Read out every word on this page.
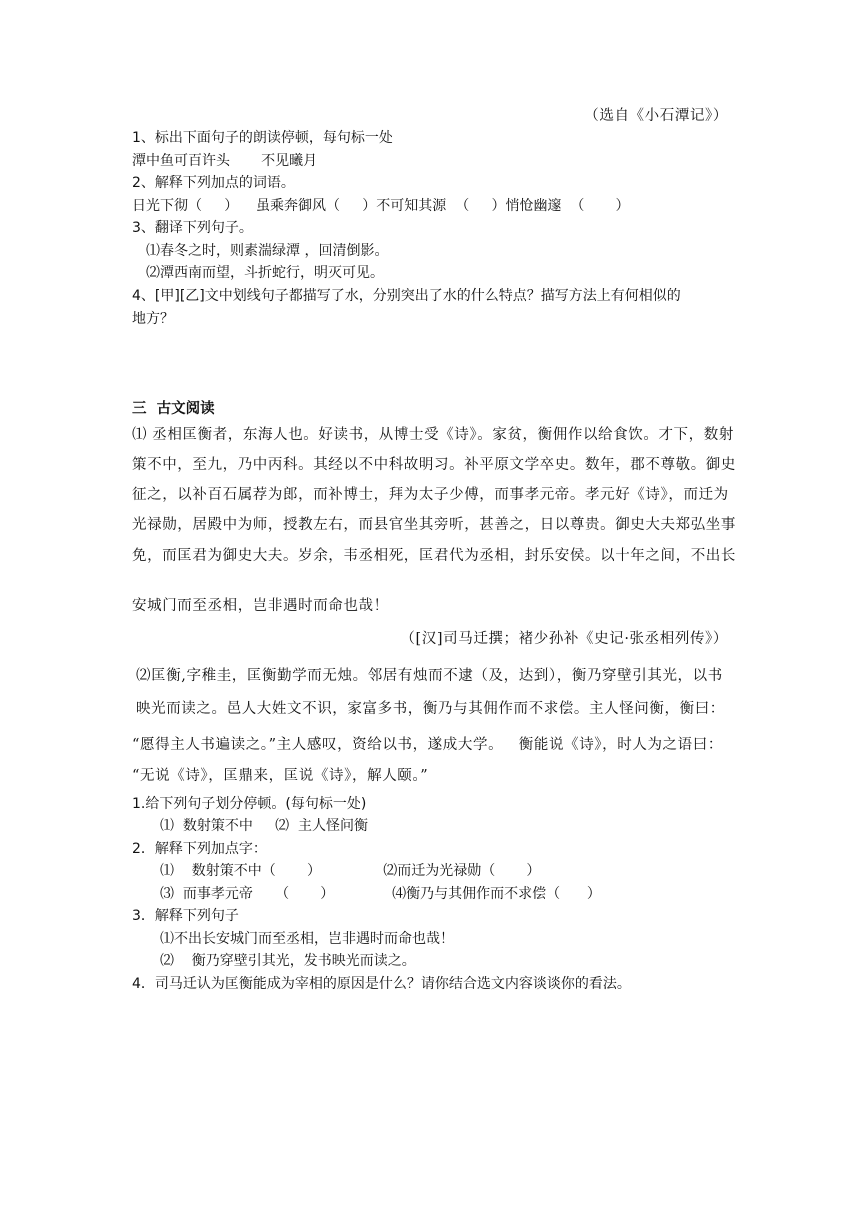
（选自《小石潭记》）
1、标出下面句子的朗读停顿，每句标一处
潭中鱼可百许头       不见曦月
2、解释下列加点的词语。
日光下彻（     ）    虽乘奔御风（     ）不可知其源  （     ）悄怆幽邃  （       ）
3、翻译下列句子。
⑴春冬之时，则素湍绿潭 ，回清倒影。
⑵潭西南而望，斗折蛇行，明灭可见。
4、[甲][乙]文中划线句子都描写了水，分别突出了水的什么特点？描写方法上有何相似的
地方？
三  古文阅读
⑴ 丞相匡衡者，东海人也。好读书，从博士受《诗》。家贫，衡佣作以给食饮。才下，数射
策不中，至九，乃中丙科。其经以不中科故明习。补平原文学卒史。数年，郡不尊敬。御史
征之，以补百石属荐为郎，而补博士，拜为太子少傅，而事孝元帝。孝元好《诗》，而迁为
光禄勋，居殿中为师，授教左右，而县官坐其旁听，甚善之，日以尊贵。御史大夫郑弘坐事
免，而匡君为御史大夫。岁余，韦丞相死，匡君代为丞相，封乐安侯。以十年之间，不出长
安城门而至丞相，岂非遇时而命也哉！
（[汉]司马迁撰；褚少孙补《史记·张丞相列传》）
⑵匡衡,字稚圭，匡衡勤学而无烛。邻居有烛而不逮（及，达到），衡乃穿壁引其光，以书
映光而读之。邑人大姓文不识，家富多书，衡乃与其佣作而不求偿。主人怪问衡，衡曰：
“愿得主人书遍读之。”主人感叹，资给以书，遂成大学。   衡能说《诗》，时人为之语曰：
“无说《诗》，匡鼎来，匡说《诗》，解人颐。”
1.给下列句子划分停顿。(每句标一处)
⑴  数射策不中     ⑵  主人怪问衡
2．解释下列加点字：
⑴    数射策不中（       ）              ⑵而迁为光禄勋（       ）
⑶  而事孝元帝     （       ）             ⑷衡乃与其佣作而不求偿（      ）
3．解释下列句子
⑴不出长安城门而至丞相，岂非遇时而命也哉！
⑵    衡乃穿壁引其光，发书映光而读之。
4．司马迁认为匡衡能成为宰相的原因是什么？请你结合选文内容谈谈你的看法。
